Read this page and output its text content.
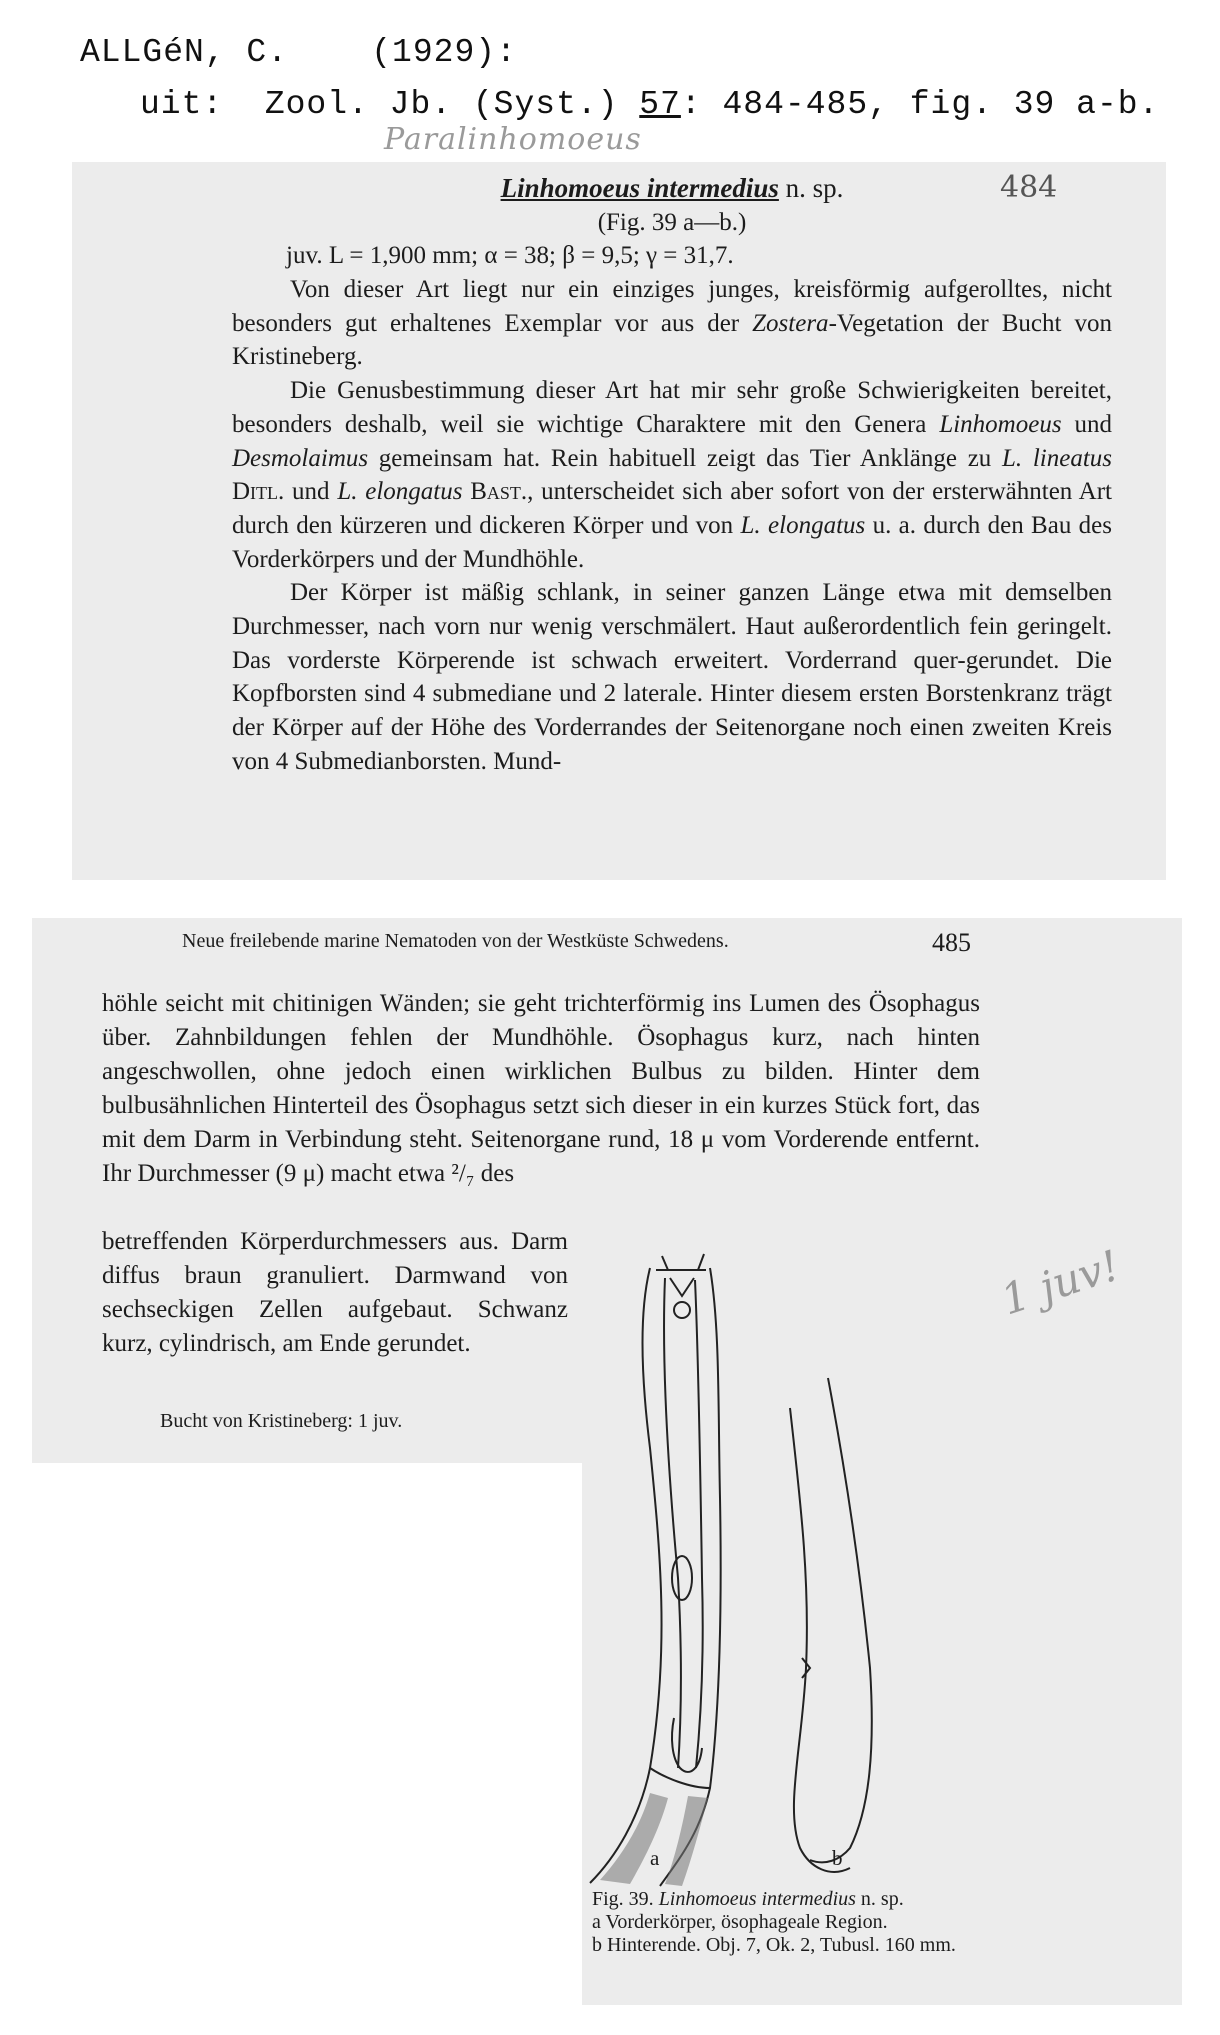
ALLGéN, C.    (1929):
uit:  Zool. Jb. (Syst.) 57: 484-485, fig. 39 a-b.
Paralinhomoeus
484
Linhomoeus intermedius n. sp.
(Fig. 39 a—b.)
juv. L = 1,900 mm; α = 38; β = 9,5; γ = 31,7.

Von dieser Art liegt nur ein einziges junges, kreisförmig aufgerolltes, nicht besonders gut erhaltenes Exemplar vor aus der Zostera-Vegetation der Bucht von Kristineberg.

Die Genusbestimmung dieser Art hat mir sehr große Schwierigkeiten bereitet, besonders deshalb, weil sie wichtige Charaktere mit den Genera Linhomoeus und Desmolaimus gemeinsam hat. Rein habituell zeigt das Tier Anklänge zu L. lineatus Ditl. und L. elongatus Bast., unterscheidet sich aber sofort von der ersterwähnten Art durch den kürzeren und dickeren Körper und von L. elongatus u. a. durch den Bau des Vorderkörpers und der Mundhöhle.

Der Körper ist mäßig schlank, in seiner ganzen Länge etwa mit demselben Durchmesser, nach vorn nur wenig verschmälert. Haut außerordentlich fein geringelt. Das vorderste Körperende ist schwach erweitert. Vorderrand quer-gerundet. Die Kopfborsten sind 4 submediane und 2 laterale. Hinter diesem ersten Borstenkranz trägt der Körper auf der Höhe des Vorderrandes der Seitenorgane noch einen zweiten Kreis von 4 Submedianborsten. Mund-

Neue freilebende marine Nematoden von der Westküste Schwedens.	485

höhle seicht mit chitinigen Wänden; sie geht trichterförmig ins Lumen des Ösophagus über. Zahnbildungen fehlen der Mundhöhle. Ösophagus kurz, nach hinten angeschwollen, ohne jedoch einen wirklichen Bulbus zu bilden. Hinter dem bulbusähnlichen Hinterteil des Ösophagus setzt sich dieser in ein kurzes Stück fort, das mit dem Darm in Verbindung steht. Seitenorgane rund, 18 μ vom Vorderende entfernt. Ihr Durchmesser (9 μ) macht etwa ²/₇ des

betreffenden Körperdurchmessers aus. Darm diffus braun granuliert. Darmwand von sechseckigen Zellen aufgebaut. Schwanz kurz, cylindrisch, am Ende gerundet.

Bucht von Kristineberg: 1 juv.
1 juv!
a	b

Fig. 39. Linhomoeus intermedius n. sp.

a Vorderkörper, ösophageale Region.

b Hinterende. Obj. 7, Ok. 2, Tubusl. 160 mm.
